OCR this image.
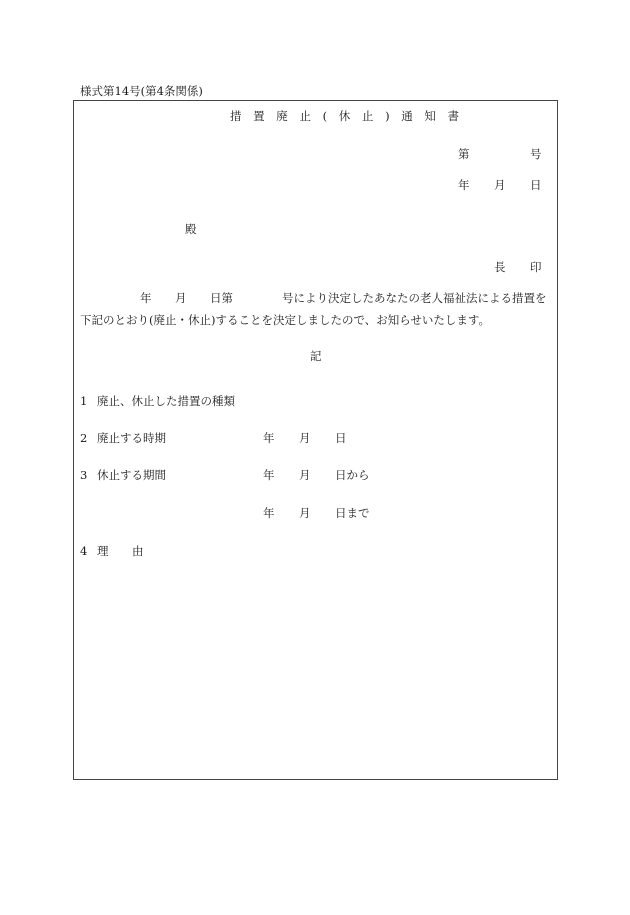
様式第14号(第4条関係)
措 置 廃 止 ( 休 止 ) 通 知 書
第	号
年 月 日
殿
長 印
年 月 日第	号により決定したあなたの老人福祉法による措置を
下記のとおり(廃止・休止)することを決定しましたので、お知らせいたします。
記
1 廃止、休止した措置の種類
2 廃止する時期	年 月 日
3 休止する期間	年 月 日から
年 月 日まで
4 理 由
